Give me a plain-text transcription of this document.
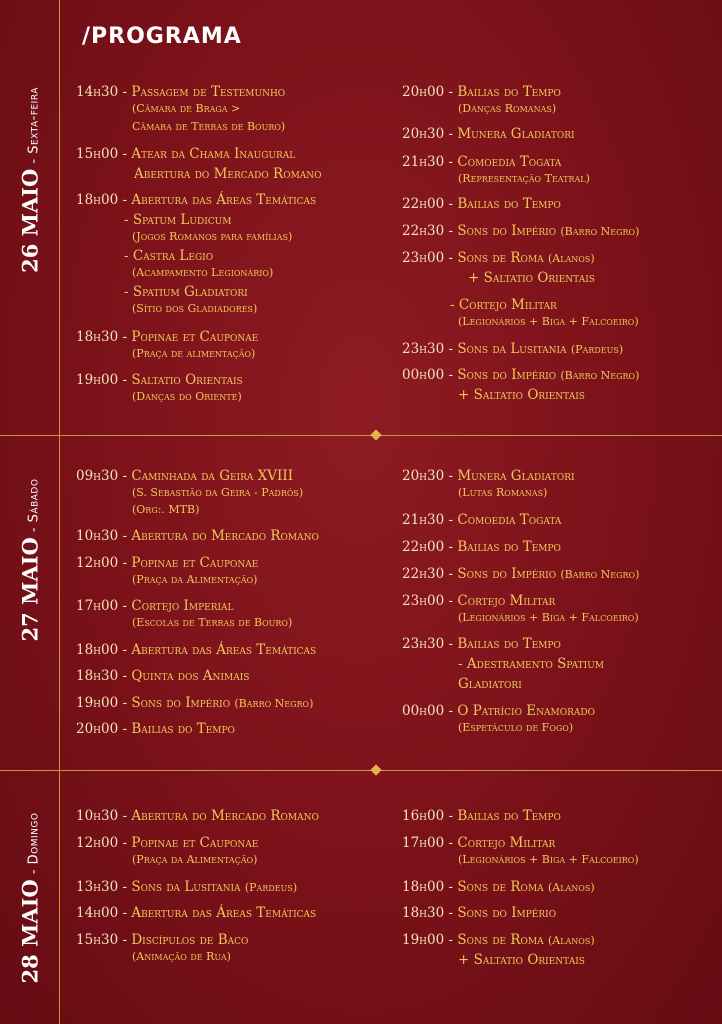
/PROGRAMA
26 MAIO - Sexta-feira
27 MAIO - Sábado
28 MAIO - Domingo
14h30 - Passagem de Testemunho
(Câmara de Braga >
Câmara de Terras de Bouro)
15h00 - Atear da Chama Inaugural
Abertura do Mercado Romano
18h00 - Abertura das Áreas Temáticas
- Spatum Ludicum
(Jogos Romanos para famílias)
- Castra Legio
(Acampamento Legionário)
- Spatium Gladiatori
(Sítio dos Gladiadores)
18h30 - Popinae et Cauponae
(Praça de alimentação)
19h00 - Saltatio Orientais
(Danças do Oriente)
20h00 - Bailias do Tempo
(Danças Romanas)
20h30 - Munera Gladiatori
21h30 - Comoedia Togata
(Representação Teatral)
22h00 - Bailias do Tempo
22h30 - Sons do Império (Barro Negro)
23h00 - Sons de Roma (Alanos)
+ Saltatio Orientais
- Cortejo Militar
(Legionários + Biga + Falcoeiro)
23h30 - Sons da Lusitania (Pardeus)
00h00 - Sons do Império (Barro Negro)
+ Saltatio Orientais
09h30 - Caminhada da Geira XVIII
(S. Sebastião da Geira - Padrós)
(Org:. MTB)
10h30 - Abertura do Mercado Romano
12h00 - Popinae et Cauponae
(Praça da Alimentação)
17h00 - Cortejo Imperial
(Escolas de Terras de Bouro)
18h00 - Abertura das Áreas Temáticas
18h30 - Quinta dos Animais
19h00 - Sons do Império (Barro Negro)
20h00 - Bailias do Tempo
20h30 - Munera Gladiatori
(Lutas Romanas)
21h30 - Comoedia Togata
22h00 - Bailias do Tempo
22h30 - Sons do Império (Barro Negro)
23h00 - Cortejo Militar
(Legionários + Biga + Falcoeiro)
23h30 - Bailias do Tempo
- Adestramento Spatium
Gladiatori
00h00 - O Patrício Enamorado
(Espetáculo de Fogo)
10h30 - Abertura do Mercado Romano
12h00 - Popinae et Cauponae
(Praça da Alimentação)
13h30 - Sons da Lusitania (Pardeus)
14h00 - Abertura das Áreas Temáticas
15h30 - Discípulos de Baco
(Animação de Rua)
16h00 - Bailias do Tempo
17h00 - Cortejo Militar
(Legionários + Biga + Falcoeiro)
18h00 - Sons de Roma (Alanos)
18h30 - Sons do Império
19h00 - Sons de Roma (Alanos)
+ Saltatio Orientais
